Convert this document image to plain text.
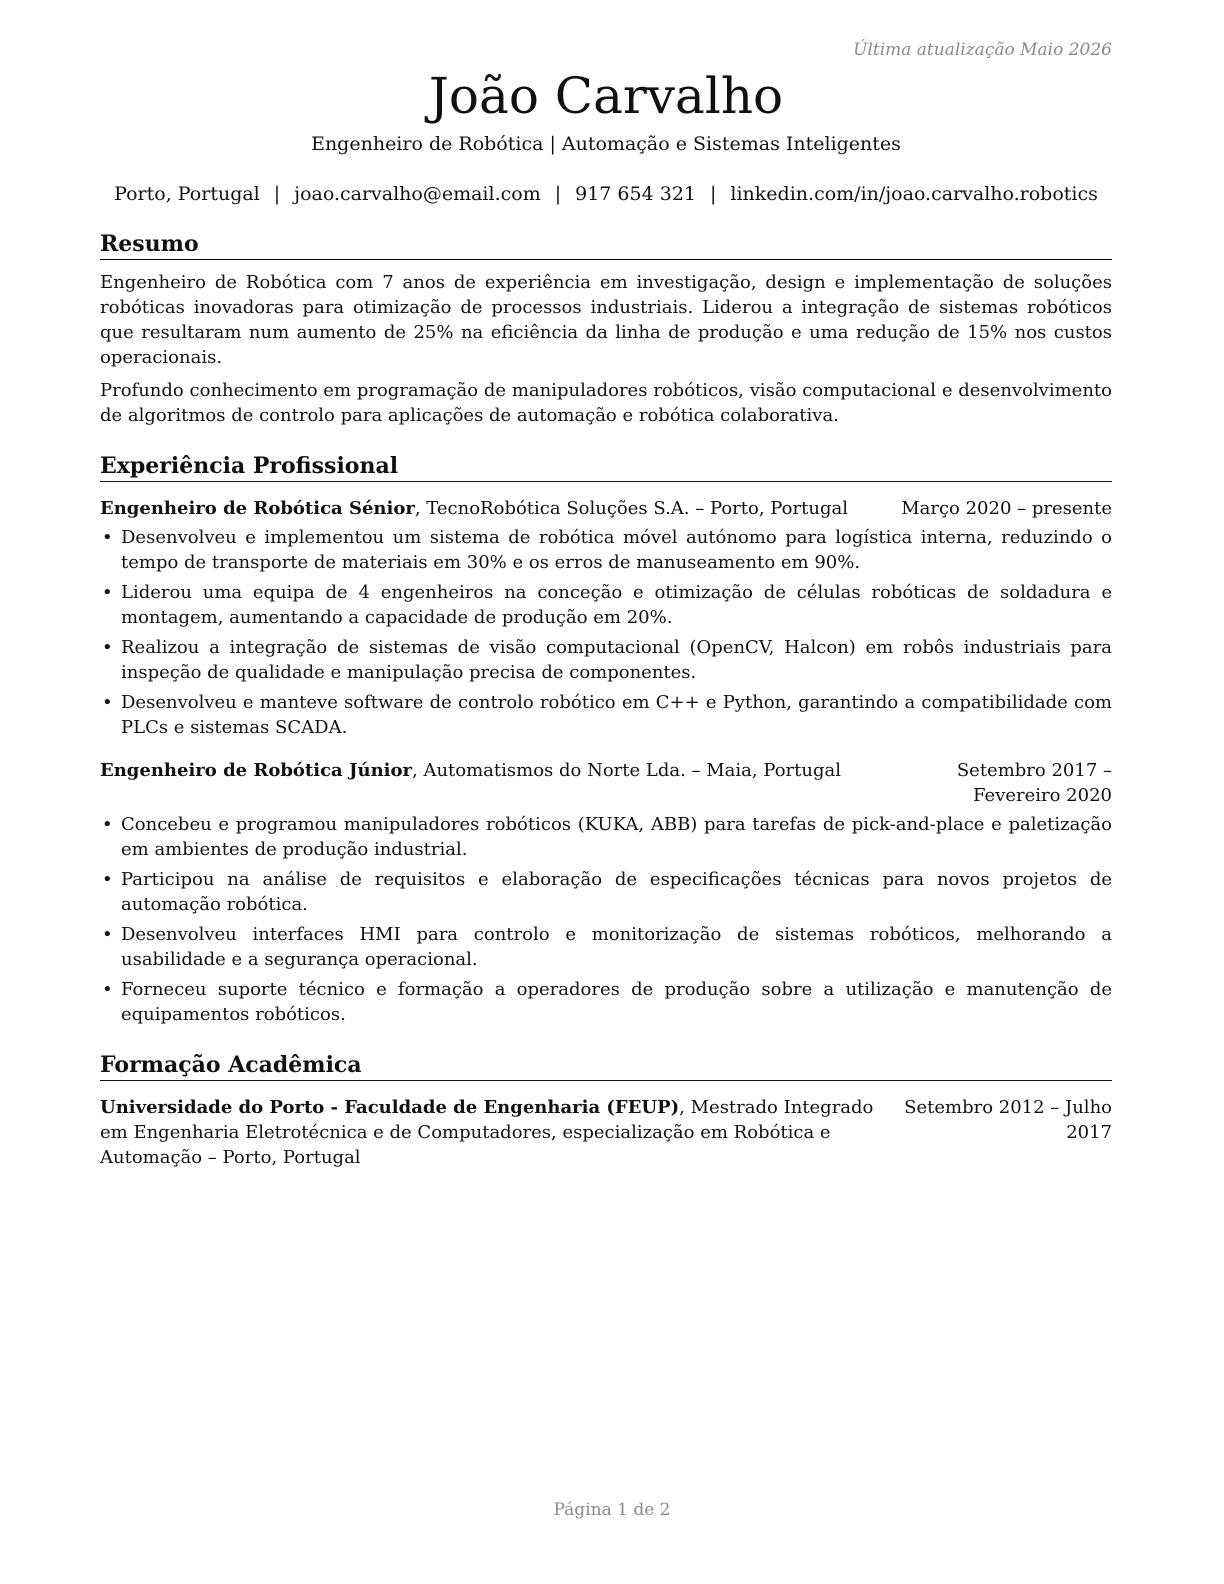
Última atualização Maio 2026
João Carvalho
Engenheiro de Robótica | Automação e Sistemas Inteligentes
Porto, Portugal | joao.carvalho@email.com | 917 654 321 | linkedin.com/in/joao.carvalho.robotics
Resumo

Engenheiro de Robótica com 7 anos de experiência em investigação, design e implementação de soluções robóticas inovadoras para otimização de processos industriais. Liderou a integração de sistemas robóticos que resultaram num aumento de 25% na eficiência da linha de produção e uma redução de 15% nos custos operacionais.

Profundo conhecimento em programação de manipuladores robóticos, visão computacional e desenvolvimento de algoritmos de controlo para aplicações de automação e robótica colaborativa.

Experiência Profissional
Engenheiro de Robótica Sénior, TecnoRobótica Soluções S.A. – Porto, Portugal	Março 2020 – presente
• Desenvolveu e implementou um sistema de robótica móvel autónomo para logística interna, reduzindo o tempo de transporte de materiais em 30% e os erros de manuseamento em 90%.
• Liderou uma equipa de 4 engenheiros na conceção e otimização de células robóticas de soldadura e montagem, aumentando a capacidade de produção em 20%.
• Realizou a integração de sistemas de visão computacional (OpenCV, Halcon) em robôs industriais para inspeção de qualidade e manipulação precisa de componentes.
• Desenvolveu e manteve software de controlo robótico em C++ e Python, garantindo a compatibilidade com PLCs e sistemas SCADA.
Engenheiro de Robótica Júnior, Automatismos do Norte Lda. – Maia, Portugal	Setembro 2017 – Fevereiro 2020
• Concebeu e programou manipuladores robóticos (KUKA, ABB) para tarefas de pick-and-place e paletização em ambientes de produção industrial.
• Participou na análise de requisitos e elaboração de especificações técnicas para novos projetos de automação robótica.
• Desenvolveu interfaces HMI para controlo e monitorização de sistemas robóticos, melhorando a usabilidade e a segurança operacional.
• Forneceu suporte técnico e formação a operadores de produção sobre a utilização e manutenção de equipamentos robóticos.
Formação Acadêmica
Universidade do Porto - Faculdade de Engenharia (FEUP), Mestrado Integrado em Engenharia Eletrotécnica e de Computadores, especialização em Robótica e Automação – Porto, Portugal
Setembro 2012 – Julho 2017
Página 1 de 2
